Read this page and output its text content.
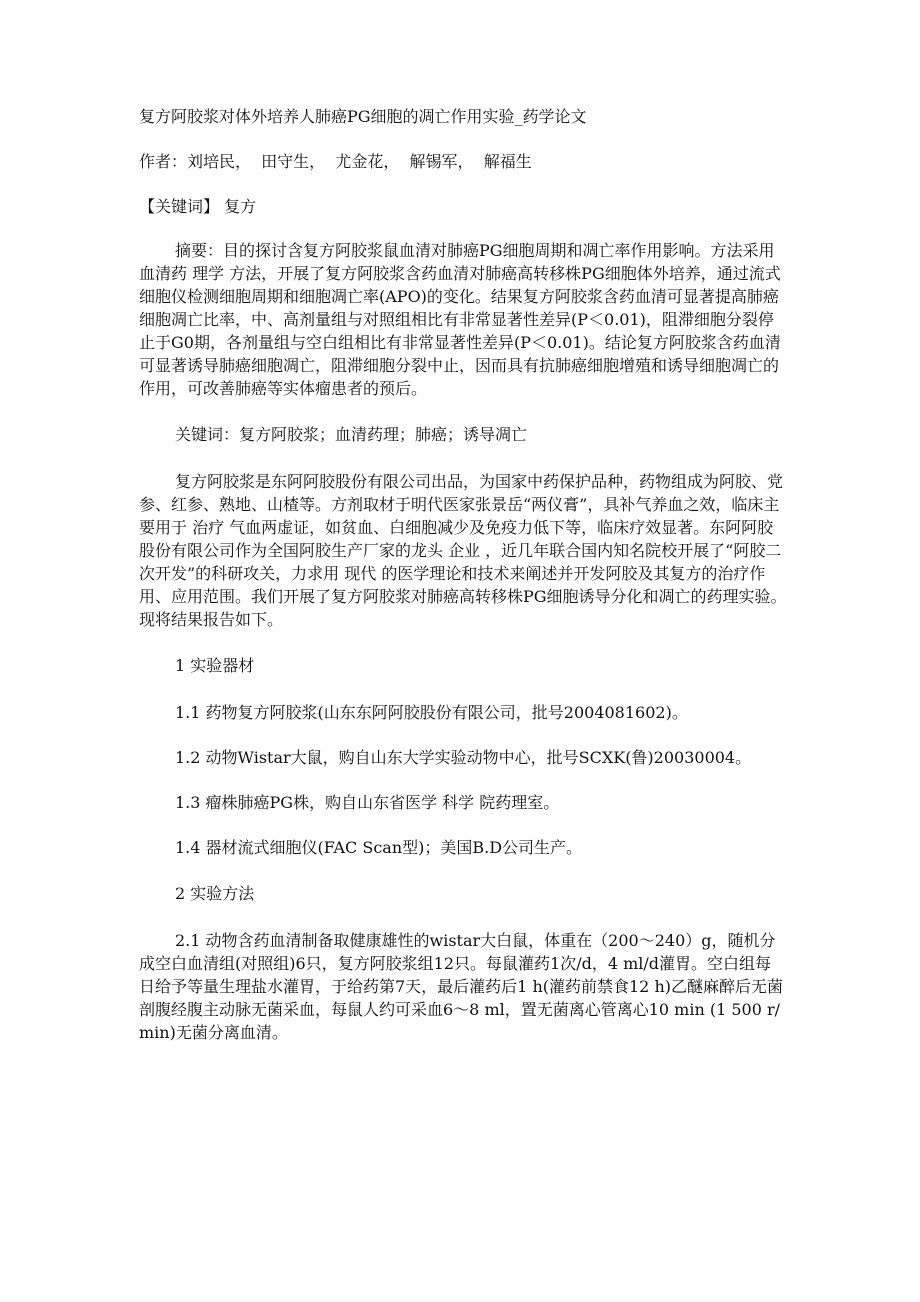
复方阿胶浆对体外培养人肺癌PG细胞的凋亡作用实验_药学论文

作者：刘培民，  田守生，  尤金花，  解锡军，  解福生

【关键词】 复方

摘要：目的探讨含复方阿胶浆鼠血清对肺癌PG细胞周期和凋亡率作用影响。方法采用血清药 理学 方法，开展了复方阿胶浆含药血清对肺癌高转移株PG细胞体外培养，通过流式细胞仪检测细胞周期和细胞凋亡率(APO)的变化。结果复方阿胶浆含药血清可显著提高肺癌细胞凋亡比率，中、高剂量组与对照组相比有非常显著性差异(P＜0.01)，阻滞细胞分裂停止于G0期，各剂量组与空白组相比有非常显著性差异(P＜0.01)。结论复方阿胶浆含药血清可显著诱导肺癌细胞凋亡，阻滞细胞分裂中止，因而具有抗肺癌细胞增殖和诱导细胞凋亡的作用，可改善肺癌等实体瘤患者的预后。

关键词：复方阿胶浆；血清药理；肺癌；诱导凋亡

复方阿胶浆是东阿阿胶股份有限公司出品，为国家中药保护品种，药物组成为阿胶、党参、红参、熟地、山楂等。方剂取材于明代医家张景岳“两仪膏”，具补气养血之效，临床主要用于 治疗 气血两虚证，如贫血、白细胞减少及免疫力低下等，临床疗效显著。东阿阿胶股份有限公司作为全国阿胶生产厂家的龙头 企业 ，近几年联合国内知名院校开展了“阿胶二次开发”的科研攻关，力求用 现代 的医学理论和技术来阐述并开发阿胶及其复方的治疗作用、应用范围。我们开展了复方阿胶浆对肺癌高转移株PG细胞诱导分化和凋亡的药理实验。现将结果报告如下。

1 实验器材

1.1 药物复方阿胶浆(山东东阿阿胶股份有限公司，批号2004081602)。

1.2 动物Wistar大鼠，购自山东大学实验动物中心，批号SCXK(鲁)20030004。

1.3 瘤株肺癌PG株，购自山东省医学 科学 院药理室。

1.4 器材流式细胞仪(FAC Scan型)；美国B.D公司生产。

2 实验方法

2.1 动物含药血清制备取健康雄性的wistar大白鼠，体重在（200～240）g，随机分成空白血清组(对照组)6只，复方阿胶浆组12只。每鼠灌药1次/d，4 ml/d灌胃。空白组每日给予等量生理盐水灌胃，于给药第7天，最后灌药后1 h(灌药前禁食12 h)乙醚麻醉后无菌剖腹经腹主动脉无菌采血，每鼠人约可采血6～8 ml，置无菌离心管离心10 min (1 500 r/min)无菌分离血清。
